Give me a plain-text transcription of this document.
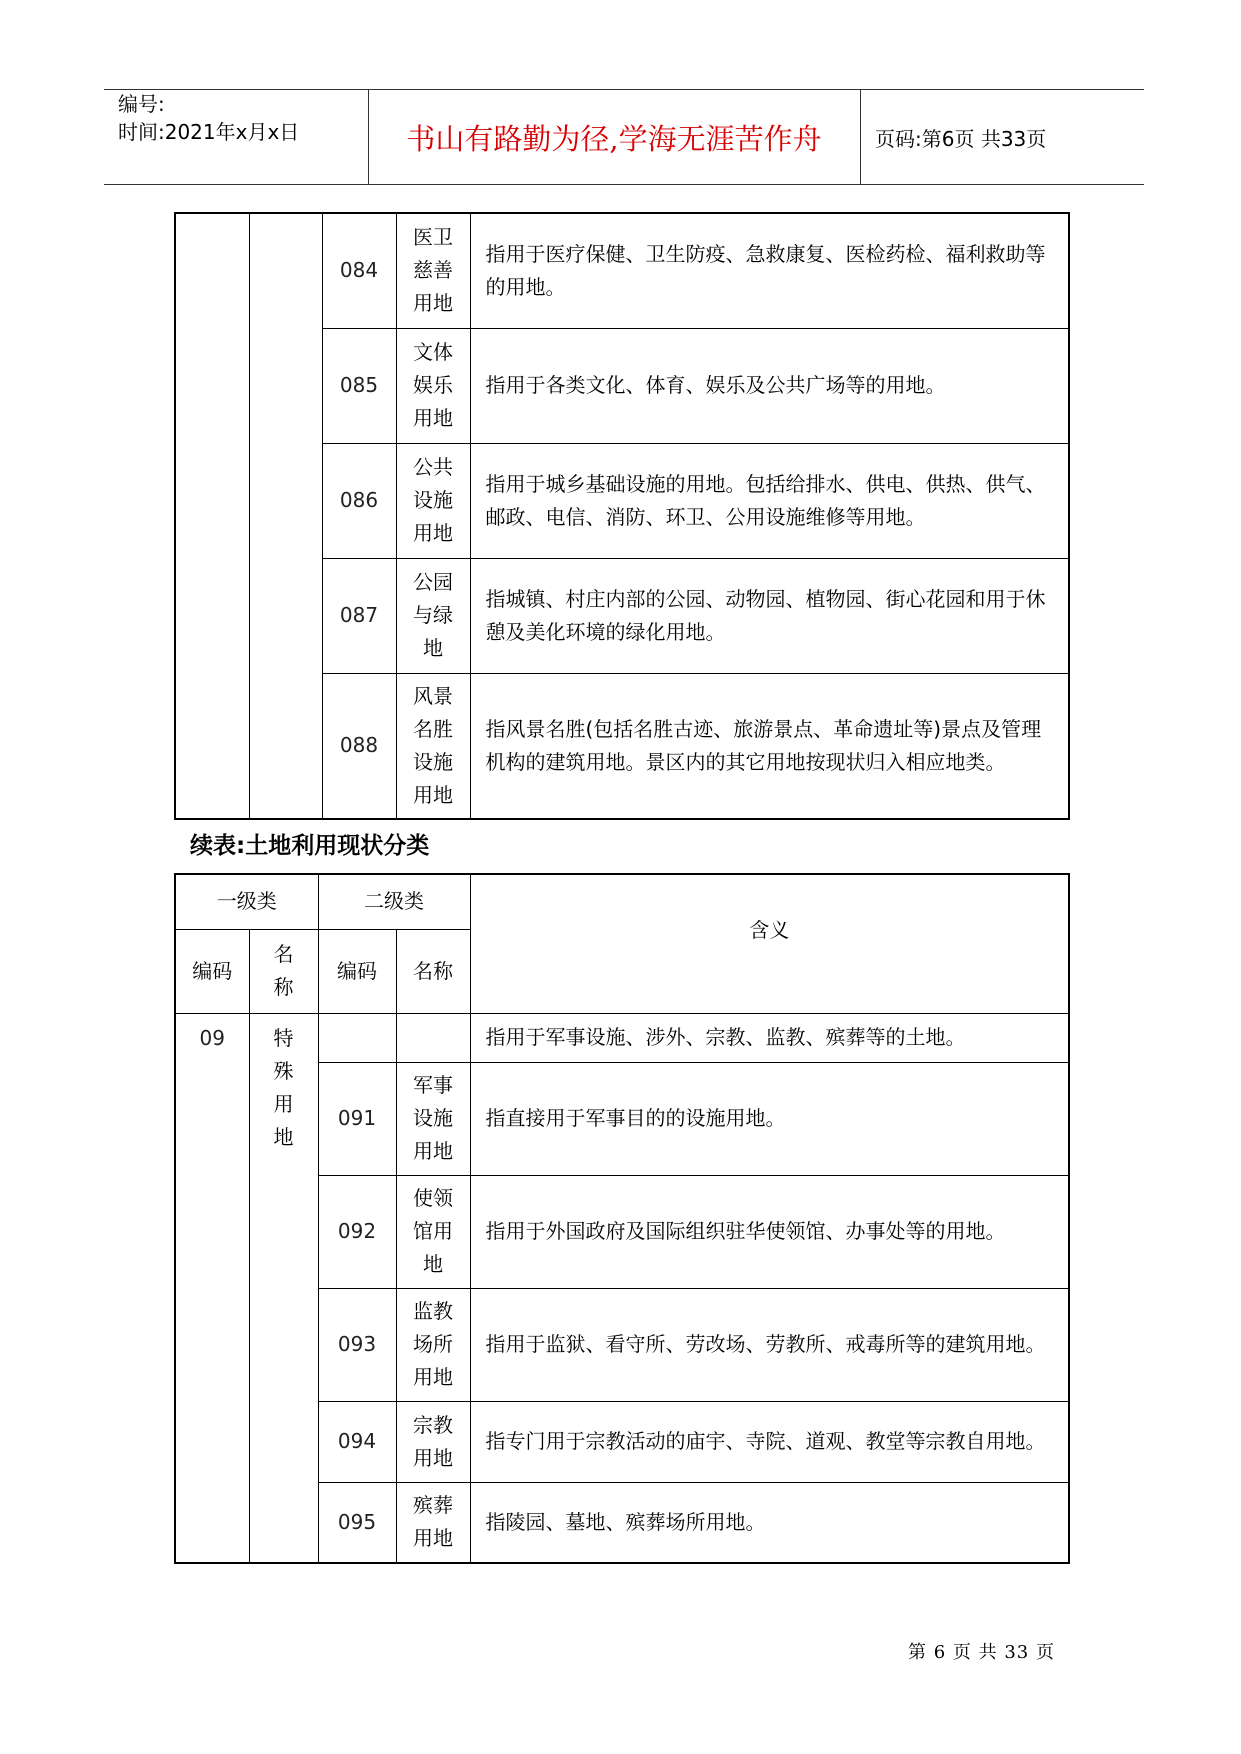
编号:
时间:2021年x月x日	书山有路勤为径,学海无涯苦作舟	页码:第6页 共33页
		084	医卫
慈善
用地	指用于医疗保健、卫生防疫、急救康复、医检药检、福利救助等的用地。
		085	文体
娱乐
用地	指用于各类文化、体育、娱乐及公共广场等的用地。
		086	公共
设施
用地	指用于城乡基础设施的用地。包括给排水、供电、供热、供气、邮政、电信、消防、环卫、公用设施维修等用地。
		087	公园
与绿
地	指城镇、村庄内部的公园、动物园、植物园、街心花园和用于休憩及美化环境的绿化用地。
		088	风景
名胜
设施
用地	指风景名胜(包括名胜古迹、旅游景点、革命遗址等)景点及管理机构的建筑用地。景区内的其它用地按现状归入相应地类。
续表:土地利用现状分类
一级类		二级类		含义
编码	名
称	编码	名称	
09	特
殊
用
地			指用于军事设施、涉外、宗教、监教、殡葬等的土地。
		091	军事
设施
用地	指直接用于军事目的的设施用地。
		092	使领
馆用
地	指用于外国政府及国际组织驻华使领馆、办事处等的用地。
		093	监教
场所
用地	指用于监狱、看守所、劳改场、劳教所、戒毒所等的建筑用地。
		094	宗教
用地	指专门用于宗教活动的庙宇、寺院、道观、教堂等宗教自用地。
		095	殡葬
用地	指陵园、墓地、殡葬场所用地。
第 6 页 共 33 页
